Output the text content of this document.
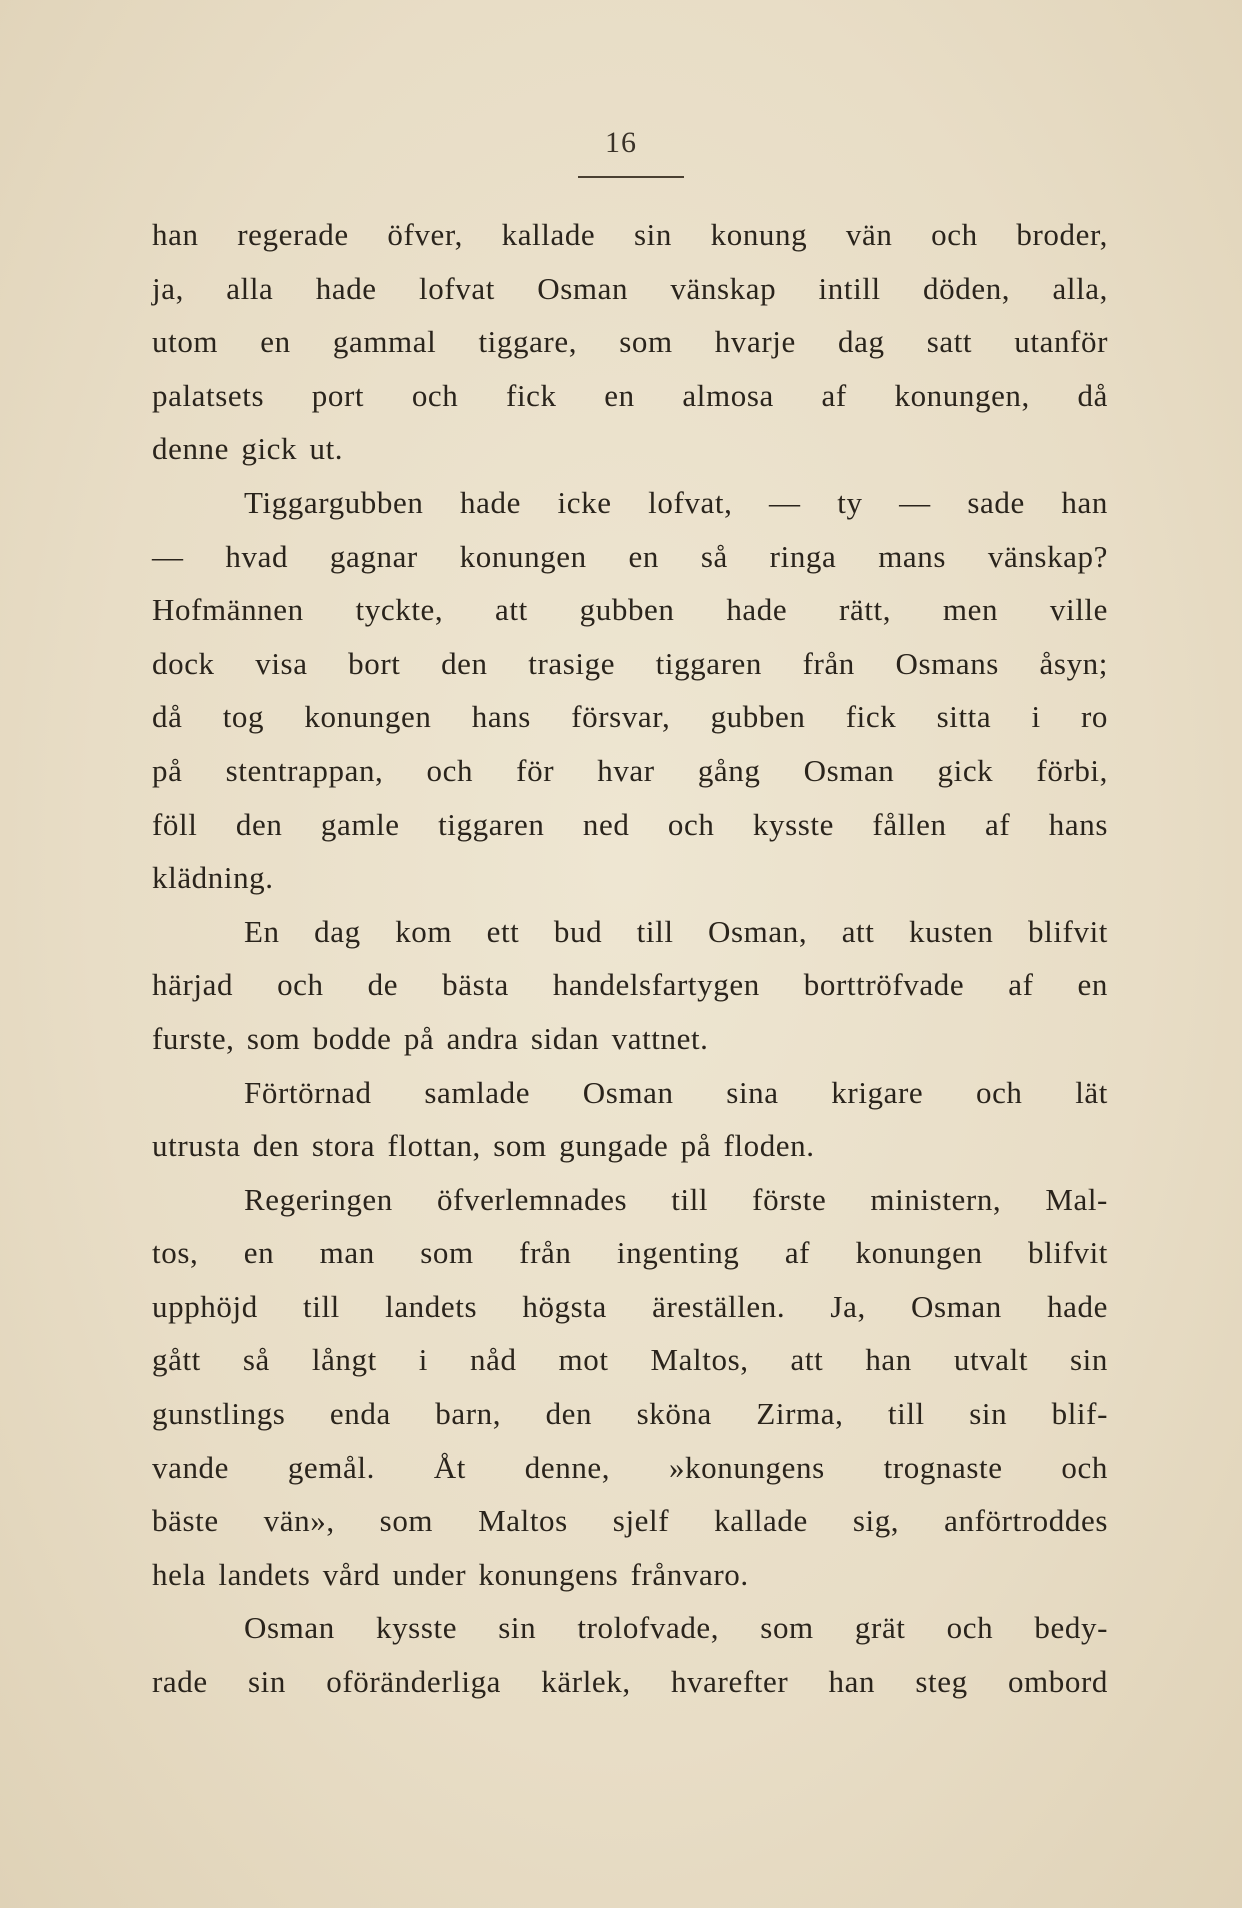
16
han regerade öfver, kallade sin konung vän och broder,
ja, alla hade lofvat Osman vänskap intill döden, alla,
utom en gammal tiggare, som hvarje dag satt utanför
palatsets port och fick en almosa af konungen, då
denne gick ut.
Tiggargubben hade icke lofvat, — ty — sade han
— hvad gagnar konungen en så ringa mans vänskap?
Hofmännen tyckte, att gubben hade rätt, men ville
dock visa bort den trasige tiggaren från Osmans åsyn;
då tog konungen hans försvar, gubben fick sitta i ro
på stentrappan, och för hvar gång Osman gick förbi,
föll den gamle tiggaren ned och kysste fållen af hans
klädning.
En dag kom ett bud till Osman, att kusten blifvit
härjad och de bästa handelsfartygen borttröfvade af en
furste, som bodde på andra sidan vattnet.
Förtörnad samlade Osman sina krigare och lät
utrusta den stora flottan, som gungade på floden.
Regeringen öfverlemnades till förste ministern, Mal-
tos, en man som från ingenting af konungen blifvit
upphöjd till landets högsta äreställen. Ja, Osman hade
gått så långt i nåd mot Maltos, att han utvalt sin
gunstlings enda barn, den sköna Zirma, till sin blif-
vande gemål. Åt denne, »konungens trognaste och
bäste vän», som Maltos sjelf kallade sig, anförtroddes
hela landets vård under konungens frånvaro.
Osman kysste sin trolofvade, som grät och bedy-
rade sin oföränderliga kärlek, hvarefter han steg ombord
